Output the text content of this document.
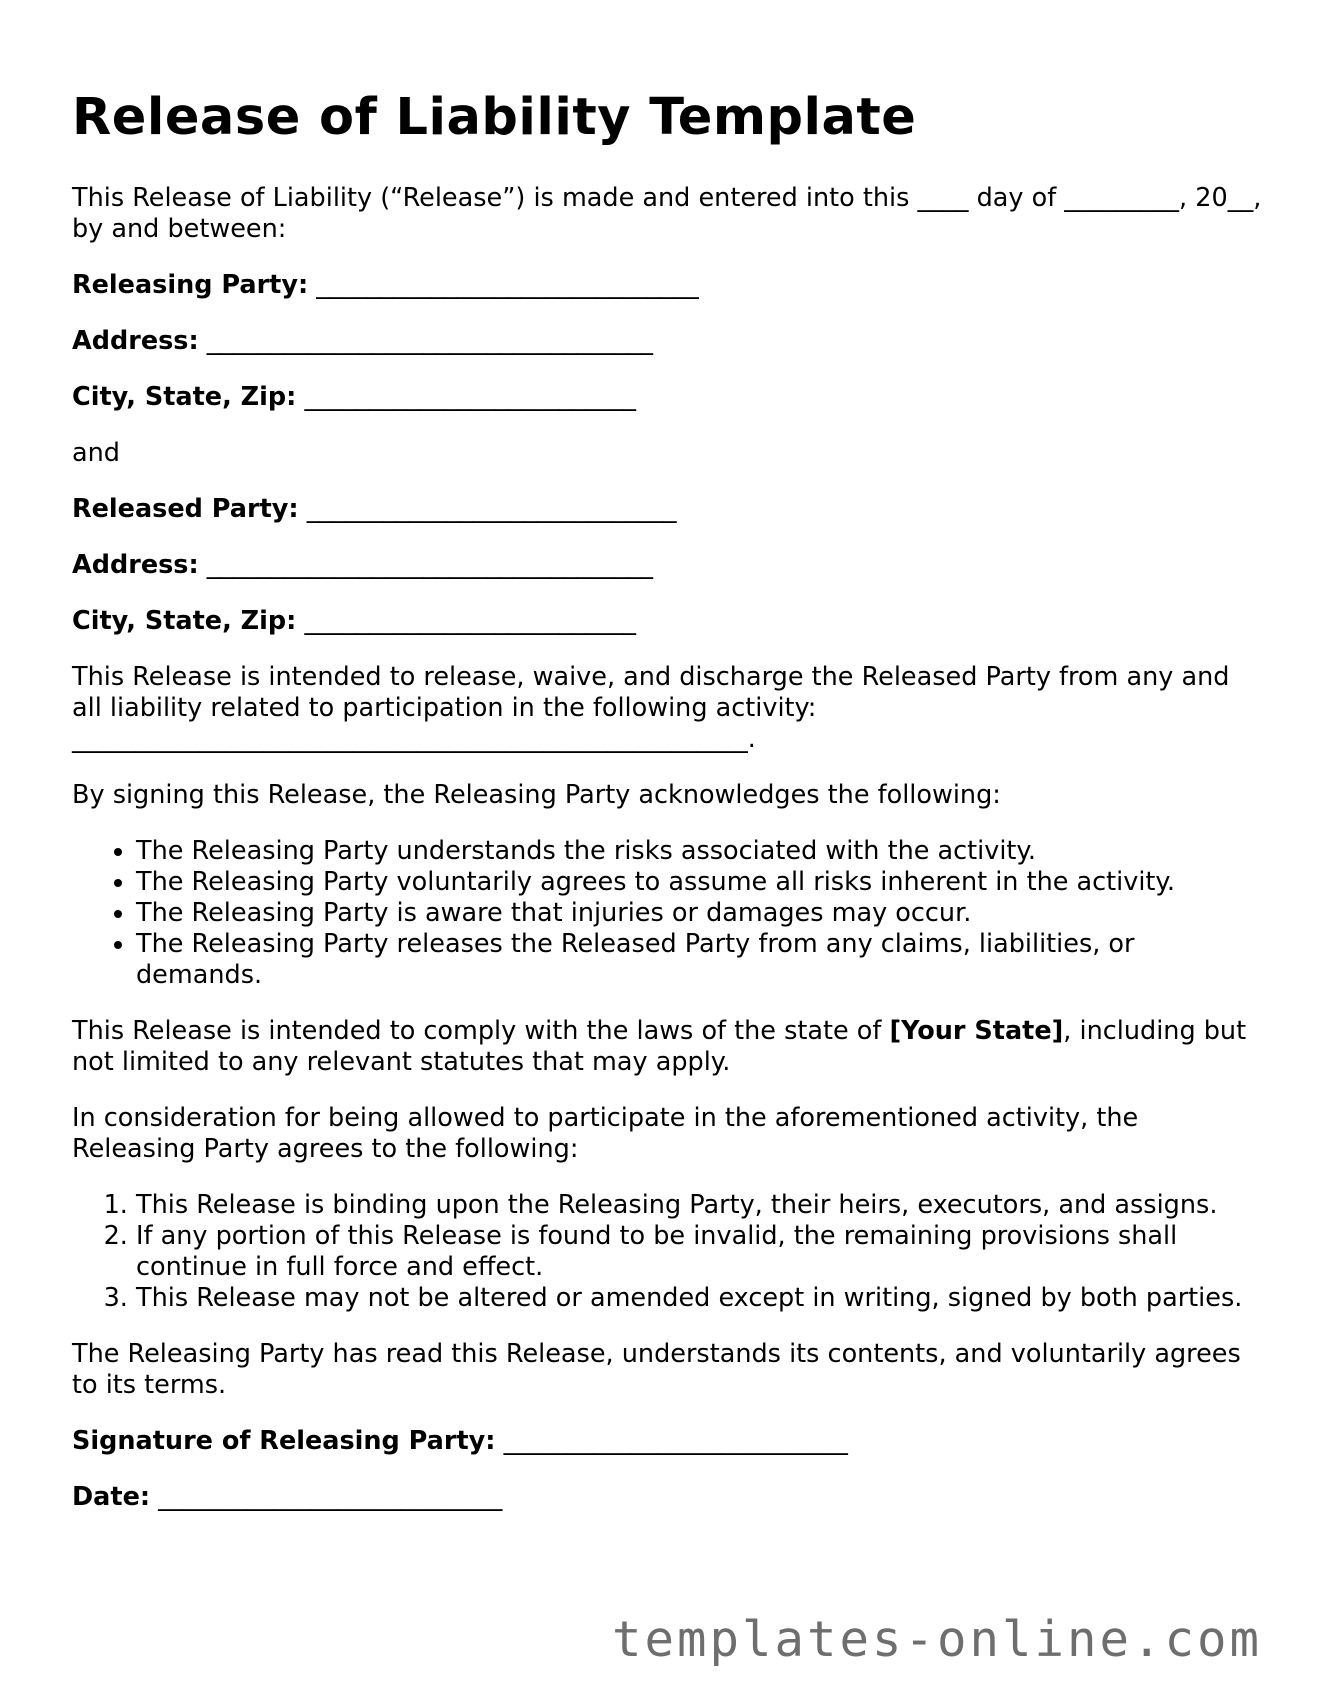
Release of Liability Template
This Release of Liability (“Release”) is made and entered into this ____ day of _________, 20__, by and between:
Releasing Party: ______________________________
Address: ___________________________________
City, State, Zip: __________________________
and
Released Party: _____________________________
Address: ___________________________________
City, State, Zip: __________________________
This Release is intended to release, waive, and discharge the Released Party from any and all liability related to participation in the following activity: _____________________________________________________.
By signing this Release, the Releasing Party acknowledges the following:
• The Releasing Party understands the risks associated with the activity.
• The Releasing Party voluntarily agrees to assume all risks inherent in the activity.
• The Releasing Party is aware that injuries or damages may occur.
• The Releasing Party releases the Released Party from any claims, liabilities, or demands.
This Release is intended to comply with the laws of the state of [Your State], including but not limited to any relevant statutes that may apply.
In consideration for being allowed to participate in the aforementioned activity, the Releasing Party agrees to the following:
1. This Release is binding upon the Releasing Party, their heirs, executors, and assigns.
2. If any portion of this Release is found to be invalid, the remaining provisions shall continue in full force and effect.
3. This Release may not be altered or amended except in writing, signed by both parties.
The Releasing Party has read this Release, understands its contents, and voluntarily agrees to its terms.
Signature of Releasing Party: ___________________________
Date: ___________________________
templates-online.com
